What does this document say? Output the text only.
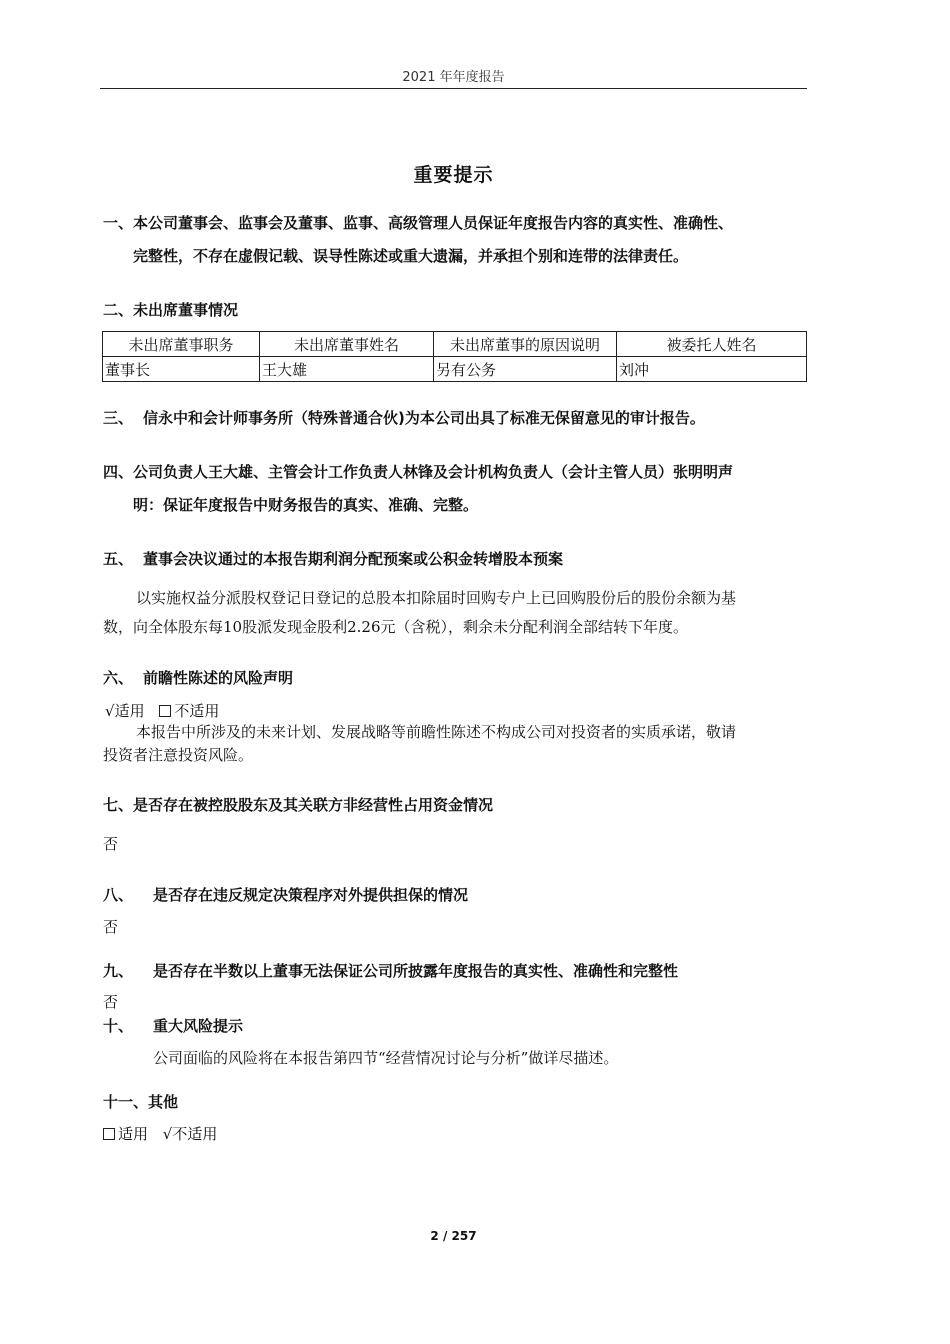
2021 年年度报告
重要提示
一、本公司董事会、监事会及董事、监事、高级管理人员保证年度报告内容的真实性、准确性、
完整性，不存在虚假记载、误导性陈述或重大遗漏，并承担个别和连带的法律责任。
二、未出席董事情况
未出席董事职务	未出席董事姓名	未出席董事的原因说明	被委托人姓名
董事长	王大雄	另有公务	刘冲
三、 信永中和会计师事务所（特殊普通合伙)为本公司出具了标准无保留意见的审计报告。
四、公司负责人王大雄、主管会计工作负责人林锋及会计机构负责人（会计主管人员）张明明声
明：保证年度报告中财务报告的真实、准确、完整。
五、 董事会决议通过的本报告期利润分配预案或公积金转增股本预案
以实施权益分派股权登记日登记的总股本扣除届时回购专户上已回购股份后的股份余额为基
数，向全体股东每10股派发现金股利2.26元（含税），剩余未分配利润全部结转下年度。
六、 前瞻性陈述的风险声明
√适用 不适用
本报告中所涉及的未来计划、发展战略等前瞻性陈述不构成公司对投资者的实质承诺，敬请
投资者注意投资风险。
七、是否存在被控股股东及其关联方非经营性占用资金情况
否
八、 是否存在违反规定决策程序对外提供担保的情况
否
九、 是否存在半数以上董事无法保证公司所披露年度报告的真实性、准确性和完整性
否
十、 重大风险提示
公司面临的风险将在本报告第四节“经营情况讨论与分析”做详尽描述。
十一、其他
适用 √不适用
2 / 257
